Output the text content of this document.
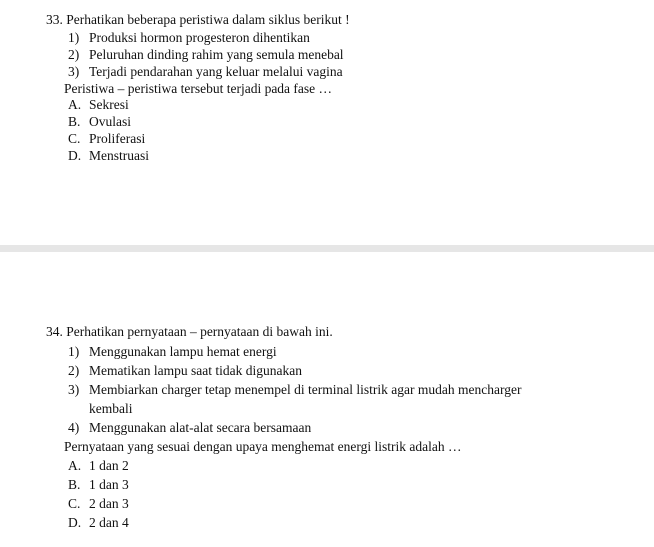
33. Perhatikan beberapa peristiwa dalam siklus berikut !
1) Produksi hormon progesteron dihentikan
2) Peluruhan dinding rahim yang semula menebal
3) Terjadi pendarahan yang keluar melalui vagina
Peristiwa – peristiwa tersebut terjadi pada fase …
A. Sekresi
B. Ovulasi
C. Proliferasi
D. Menstruasi
34. Perhatikan pernyataan – pernyataan di bawah ini.
1) Menggunakan lampu hemat energi
2) Mematikan lampu saat tidak digunakan
3) Membiarkan charger tetap menempel di terminal listrik agar mudah mencharger
kembali
4) Menggunakan alat-alat secara bersamaan
Pernyataan yang sesuai dengan upaya menghemat energi listrik adalah …
A. 1 dan 2
B. 1 dan 3
C. 2 dan 3
D. 2 dan 4
